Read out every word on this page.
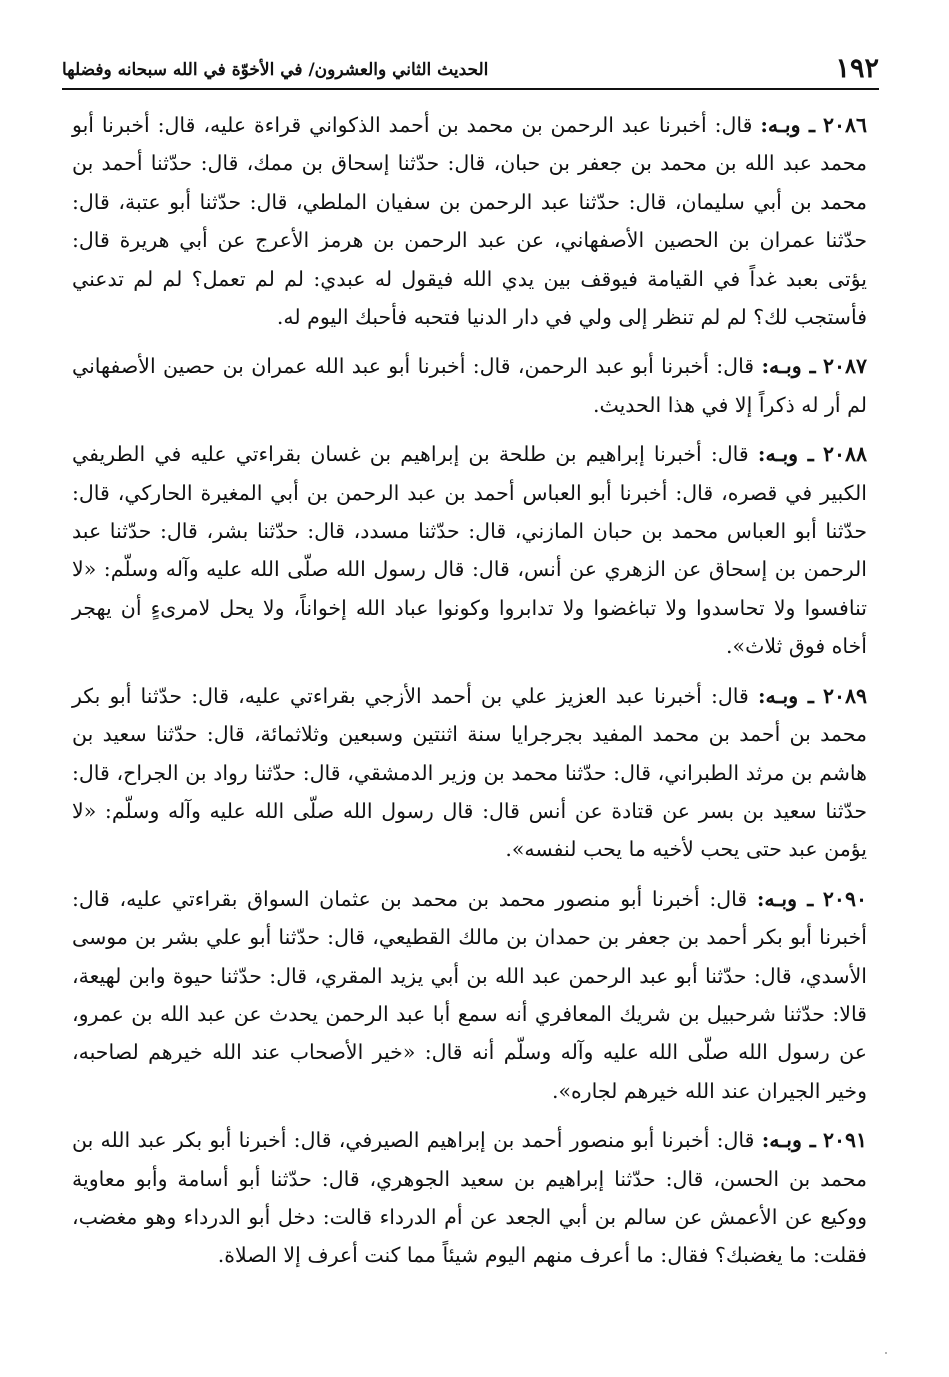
١٩٢
الحديث الثاني والعشرون/ في الأخوّة في الله سبحانه وفضلها

٢٠٨٦ ـ وبـه: قال: أخبرنا عبد الرحمن بن محمد بن أحمد الذكواني قراءة عليه، قال: أخبرنا أبو محمد عبد الله بن محمد بن جعفر بن حبان، قال: حدّثنا إسحاق بن ممك، قال: حدّثنا أحمد بن محمد بن أبي سليمان، قال: حدّثنا عبد الرحمن بن سفيان الملطي، قال: حدّثنا أبو عتبة، قال: حدّثنا عمران بن الحصين الأصفهاني، عن عبد الرحمن بن هرمز الأعرج عن أبي هريرة قال: يؤتى بعبد غداً في القيامة فيوقف بين يدي الله فيقول له عبدي: لم لم تعمل؟ لم لم تدعني فأستجب لك؟ لم لم تنظر إلى ولي في دار الدنيا فتحبه فأحبك اليوم له.

٢٠٨٧ ـ وبـه: قال: أخبرنا أبو عبد الرحمن، قال: أخبرنا أبو عبد الله عمران بن حصين الأصفهاني لم أر له ذكراً إلا في هذا الحديث.

٢٠٨٨ ـ وبـه: قال: أخبرنا إبراهيم بن طلحة بن إبراهيم بن غسان بقراءتي عليه في الطريفي الكبير في قصره، قال: أخبرنا أبو العباس أحمد بن عبد الرحمن بن أبي المغيرة الحاركي، قال: حدّثنا أبو العباس محمد بن حبان المازني، قال: حدّثنا مسدد، قال: حدّثنا بشر، قال: حدّثنا عبد الرحمن بن إسحاق عن الزهري عن أنس، قال: قال رسول الله صلّى الله عليه وآله وسلّم: «لا تنافسوا ولا تحاسدوا ولا تباغضوا ولا تدابروا وكونوا عباد الله إخواناً، ولا يحل لامرىءٍ أن يهجر أخاه فوق ثلاث».

٢٠٨٩ ـ وبـه: قال: أخبرنا عبد العزيز علي بن أحمد الأزجي بقراءتي عليه، قال: حدّثنا أبو بكر محمد بن أحمد بن محمد المفيد بجرجرايا سنة اثنتين وسبعين وثلاثمائة، قال: حدّثنا سعيد بن هاشم بن مرثد الطبراني، قال: حدّثنا محمد بن وزير الدمشقي، قال: حدّثنا رواد بن الجراح، قال: حدّثنا سعيد بن بسر عن قتادة عن أنس قال: قال رسول الله صلّى الله عليه وآله وسلّم: «لا يؤمن عبد حتى يحب لأخيه ما يحب لنفسه».

٢٠٩٠ ـ وبـه: قال: أخبرنا أبو منصور محمد بن محمد بن عثمان السواق بقراءتي عليه، قال: أخبرنا أبو بكر أحمد بن جعفر بن حمدان بن مالك القطيعي، قال: حدّثنا أبو علي بشر بن موسى الأسدي، قال: حدّثنا أبو عبد الرحمن عبد الله بن أبي يزيد المقري، قال: حدّثنا حيوة وابن لهيعة، قالا: حدّثنا شرحبيل بن شريك المعافري أنه سمع أبا عبد الرحمن يحدث عن عبد الله بن عمرو، عن رسول الله صلّى الله عليه وآله وسلّم أنه قال: «خير الأصحاب عند الله خيرهم لصاحبه، وخير الجيران عند الله خيرهم لجاره».

٢٠٩١ ـ وبـه: قال: أخبرنا أبو منصور أحمد بن إبراهيم الصيرفي، قال: أخبرنا أبو بكر عبد الله بن محمد بن الحسن، قال: حدّثنا إبراهيم بن سعيد الجوهري، قال: حدّثنا أبو أسامة وأبو معاوية ووكيع عن الأعمش عن سالم بن أبي الجعد عن أم الدرداء قالت: دخل أبو الدرداء وهو مغضب، فقلت: ما يغضبك؟ فقال: ما أعرف منهم اليوم شيئاً مما كنت أعرف إلا الصلاة.
